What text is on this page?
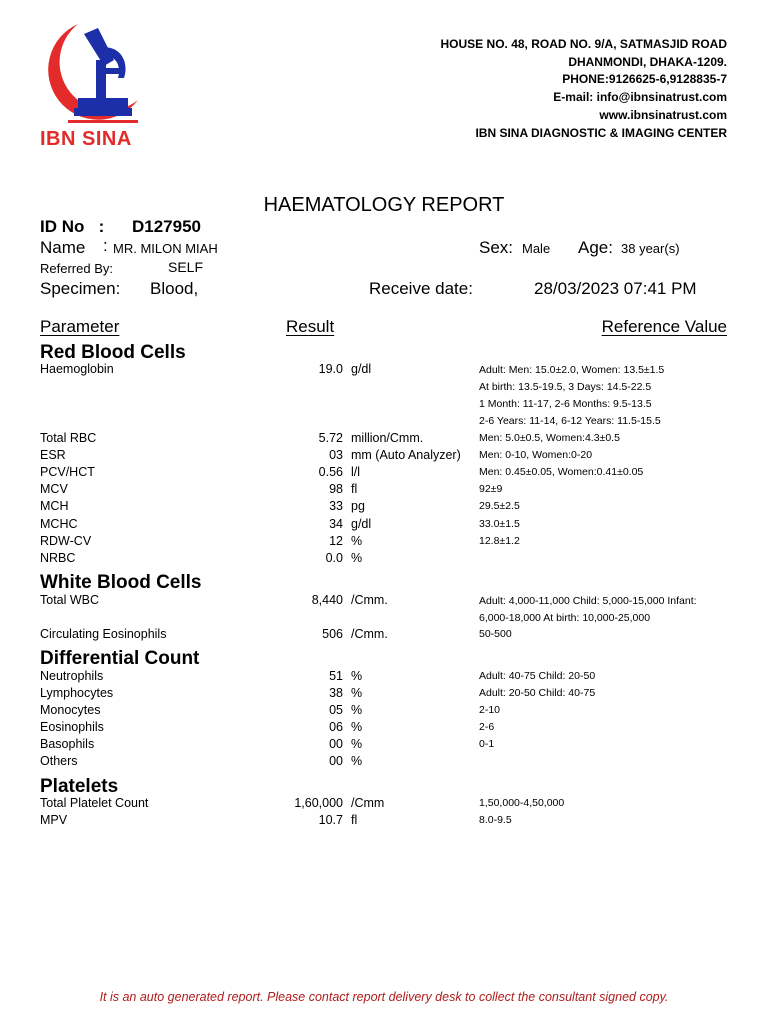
IBN SINA
HOUSE NO. 48, ROAD NO. 9/A, SATMASJID ROAD
DHANMONDI, DHAKA-1209.
PHONE:9126625-6,9128835-7
E-mail: info@ibnsinatrust.com
www.ibnsinatrust.com
IBN SINA DIAGNOSTIC & IMAGING CENTER
HAEMATOLOGY REPORT
ID No : D127950
Name : MR. MILON MIAH	Sex: Male Age: 38 year(s)
Referred By:	SELF
Specimen: Blood,	Receive date:	28/03/2023 07:41 PM
Parameter	Result	Reference Value
Red Blood Cells
Haemoglobin	19.0 g/dl	Adult: Men: 15.0±2.0, Women: 13.5±1.5
At birth: 13.5-19.5, 3 Days: 14.5-22.5
1 Month: 11-17, 2-6 Months: 9.5-13.5
2-6 Years: 11-14, 6-12 Years: 11.5-15.5
Total RBC	5.72 million/Cmm.	Men: 5.0±0.5, Women:4.3±0.5
ESR	03 mm (Auto Analyzer) Men: 0-10, Women:0-20
PCV/HCT	0.56 l/l	Men: 0.45±0.05, Women:0.41±0.05
MCV	98 fl	92±9
MCH	33 pg	29.5±2.5
MCHC	34 g/dl	33.0±1.5
RDW-CV	12 %	12.8±1.2
NRBC	0.0 %
White Blood Cells
Total WBC	8,440 /Cmm.	Adult: 4,000-11,000 Child: 5,000-15,000 Infant:
6,000-18,000 At birth: 10,000-25,000
Circulating Eosinophils	506 /Cmm.	50-500
Differential Count
Neutrophils	51 %	Adult: 40-75 Child: 20-50
Lymphocytes	38 %	Adult: 20-50 Child: 40-75
Monocytes	05 %	2-10
Eosinophils	06 %	2-6
Basophils	00 %	0-1
Others	00 %
Platelets
Total Platelet Count	1,60,000 /Cmm	1,50,000-4,50,000
MPV	10.7 fl	8.0-9.5
It is an auto generated report. Please contact report delivery desk to collect the consultant signed copy.
